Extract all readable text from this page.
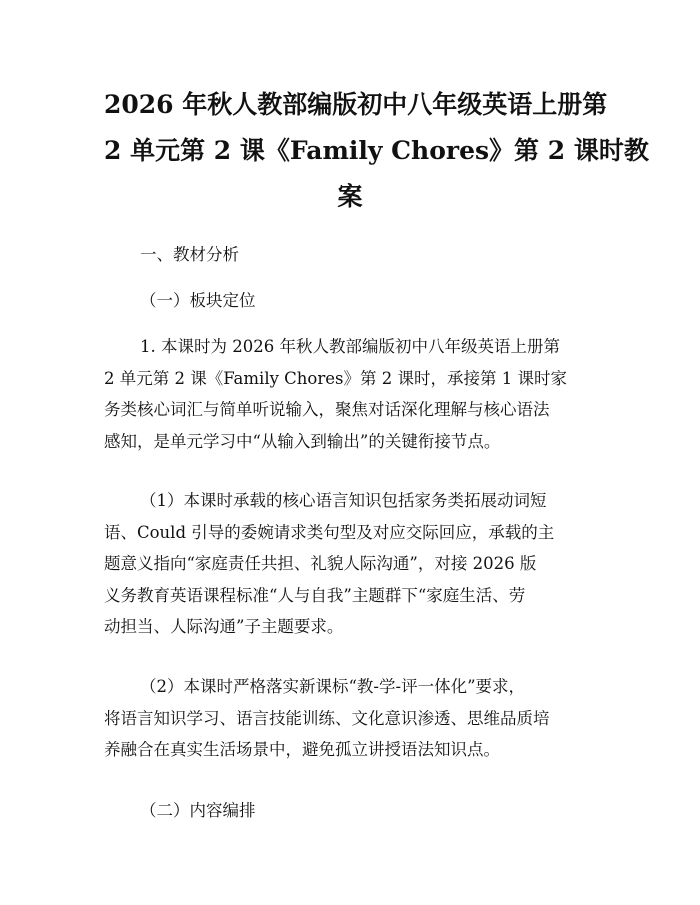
2026 年秋人教部编版初中八年级英语上册第
2 单元第 2 课《Family Chores》第 2 课时教
案

一、教材分析

（一）板块定位

1. 本课时为 2026 年秋人教部编版初中八年级英语上册第
2 单元第 2 课《Family Chores》第 2 课时，承接第 1 课时家
务类核心词汇与简单听说输入，聚焦对话深化理解与核心语法
感知，是单元学习中“从输入到输出”的关键衔接节点。

（1）本课时承载的核心语言知识包括家务类拓展动词短
语、Could 引导的委婉请求类句型及对应交际回应，承载的主
题意义指向“家庭责任共担、礼貌人际沟通”，对接 2026 版
义务教育英语课程标准“人与自我”主题群下“家庭生活、劳
动担当、人际沟通”子主题要求。

（2）本课时严格落实新课标“教-学-评一体化”要求，
将语言知识学习、语言技能训练、文化意识渗透、思维品质培
养融合在真实生活场景中，避免孤立讲授语法知识点。

（二）内容编排
